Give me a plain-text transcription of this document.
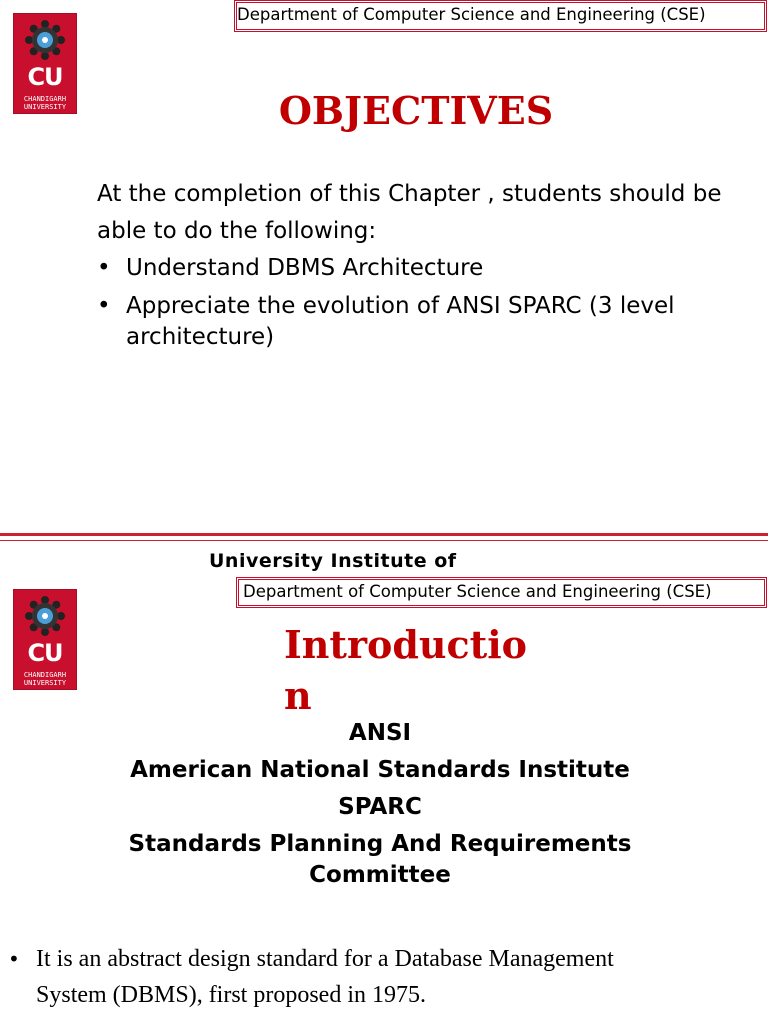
CU
CHANDIGARH
UNIVERSITY
Department of Computer Science and Engineering (CSE)
OBJECTIVES
At the completion of this Chapter , students should be
able to do the following:
• Understand DBMS Architecture
• Appreciate the evolution of ANSI SPARC (3 level
architecture)
University Institute of
CU
CHANDIGARH
UNIVERSITY
Department of Computer Science and Engineering (CSE)
Introductio
n
ANSI
American National Standards Institute
SPARC
Standards Planning And Requirements
Committee
• It is an abstract design standard for a Database Management
System (DBMS), first proposed in 1975.
